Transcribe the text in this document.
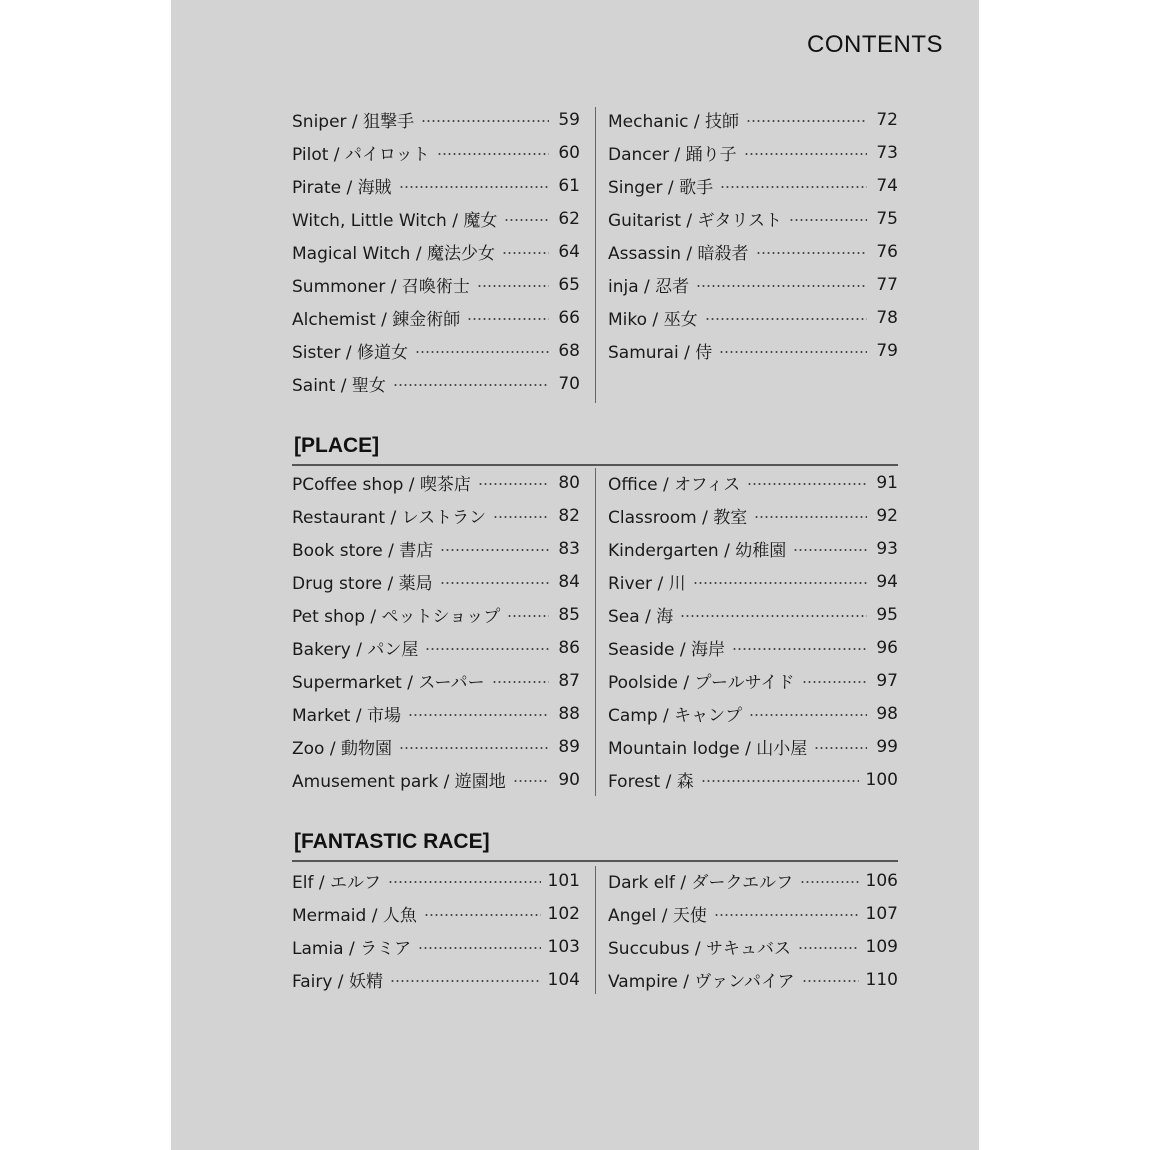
CONTENTS
Sniper / 狙撃手	59
Pilot / パイロット	60
Pirate / 海賊	61
Witch, Little Witch / 魔女	62
Magical Witch / 魔法少女	64
Summoner / 召喚術士	65
Alchemist / 錬金術師	66
Sister / 修道女	68
Saint / 聖女	70
Mechanic / 技師	72
Dancer / 踊り子	73
Singer / 歌手	74
Guitarist / ギタリスト	75
Assassin / 暗殺者	76
inja / 忍者	77
Miko / 巫女	78
Samurai / 侍	79
[PLACE]
PCoffee shop / 喫茶店	80
Restaurant / レストラン	82
Book store / 書店	83
Drug store / 薬局	84
Pet shop / ペットショップ	85
Bakery / パン屋	86
Supermarket / スーパー	87
Market / 市場	88
Zoo / 動物園	89
Amusement park / 遊園地	90
Office / オフィス	91
Classroom / 教室	92
Kindergarten / 幼稚園	93
River / 川	94
Sea / 海	95
Seaside / 海岸	96
Poolside / プールサイド	97
Camp / キャンプ	98
Mountain lodge / 山小屋	99
Forest / 森	100
[FANTASTIC RACE]
Elf / エルフ	101
Mermaid / 人魚	102
Lamia / ラミア	103
Fairy / 妖精	104
Dark elf / ダークエルフ	106
Angel / 天使	107
Succubus / サキュバス	109
Vampire / ヴァンパイア	110
